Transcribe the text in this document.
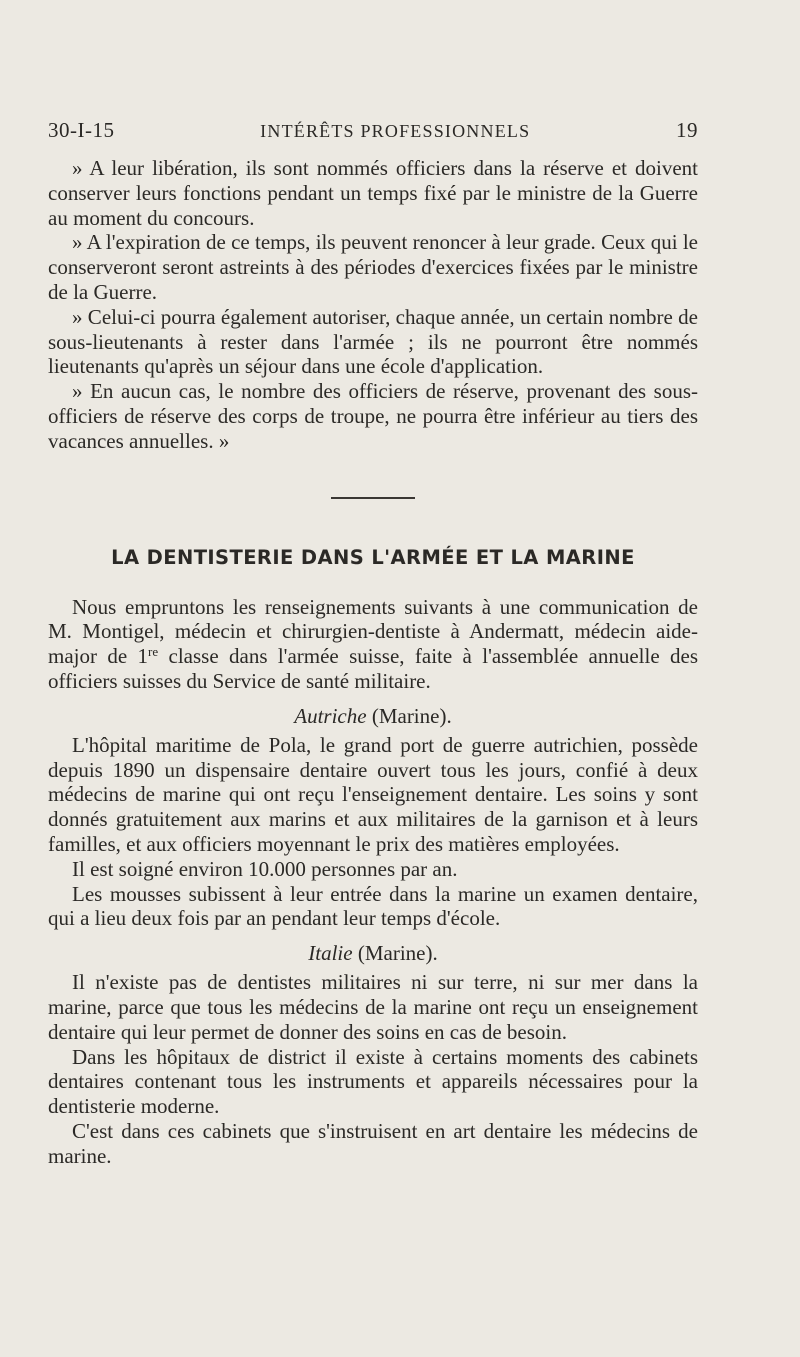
30-I-15	INTÉRÊTS PROFESSIONNELS	19

» A leur libération, ils sont nommés officiers dans la réserve et doivent conserver leurs fonctions pendant un temps fixé par le ministre de la Guerre au moment du concours.

» A l'expiration de ce temps, ils peuvent renoncer à leur grade. Ceux qui le conserveront seront astreints à des périodes d'exercices fixées par le ministre de la Guerre.

» Celui-ci pourra également autoriser, chaque année, un certain nombre de sous-lieutenants à rester dans l'armée ; ils ne pourront être nommés lieutenants qu'après un séjour dans une école d'application.

» En aucun cas, le nombre des officiers de réserve, provenant des sous-officiers de réserve des corps de troupe, ne pourra être inférieur au tiers des vacances annuelles. »

LA DENTISTERIE DANS L'ARMÉE ET LA MARINE

Nous empruntons les renseignements suivants à une communication de M. Montigel, médecin et chirurgien-dentiste à Andermatt, médecin aide-major de 1re classe dans l'armée suisse, faite à l'assemblée annuelle des officiers suisses du Service de santé militaire.

Autriche (Marine).

L'hôpital maritime de Pola, le grand port de guerre autrichien, possède depuis 1890 un dispensaire dentaire ouvert tous les jours, confié à deux médecins de marine qui ont reçu l'enseignement dentaire. Les soins y sont donnés gratuitement aux marins et aux militaires de la garnison et à leurs familles, et aux officiers moyennant le prix des matières employées.

Il est soigné environ 10.000 personnes par an.

Les mousses subissent à leur entrée dans la marine un examen dentaire, qui a lieu deux fois par an pendant leur temps d'école.

Italie (Marine).

Il n'existe pas de dentistes militaires ni sur terre, ni sur mer dans la marine, parce que tous les médecins de la marine ont reçu un enseignement dentaire qui leur permet de donner des soins en cas de besoin.

Dans les hôpitaux de district il existe à certains moments des cabinets dentaires contenant tous les instruments et appareils nécessaires pour la dentisterie moderne.

C'est dans ces cabinets que s'instruisent en art dentaire les médecins de marine.
